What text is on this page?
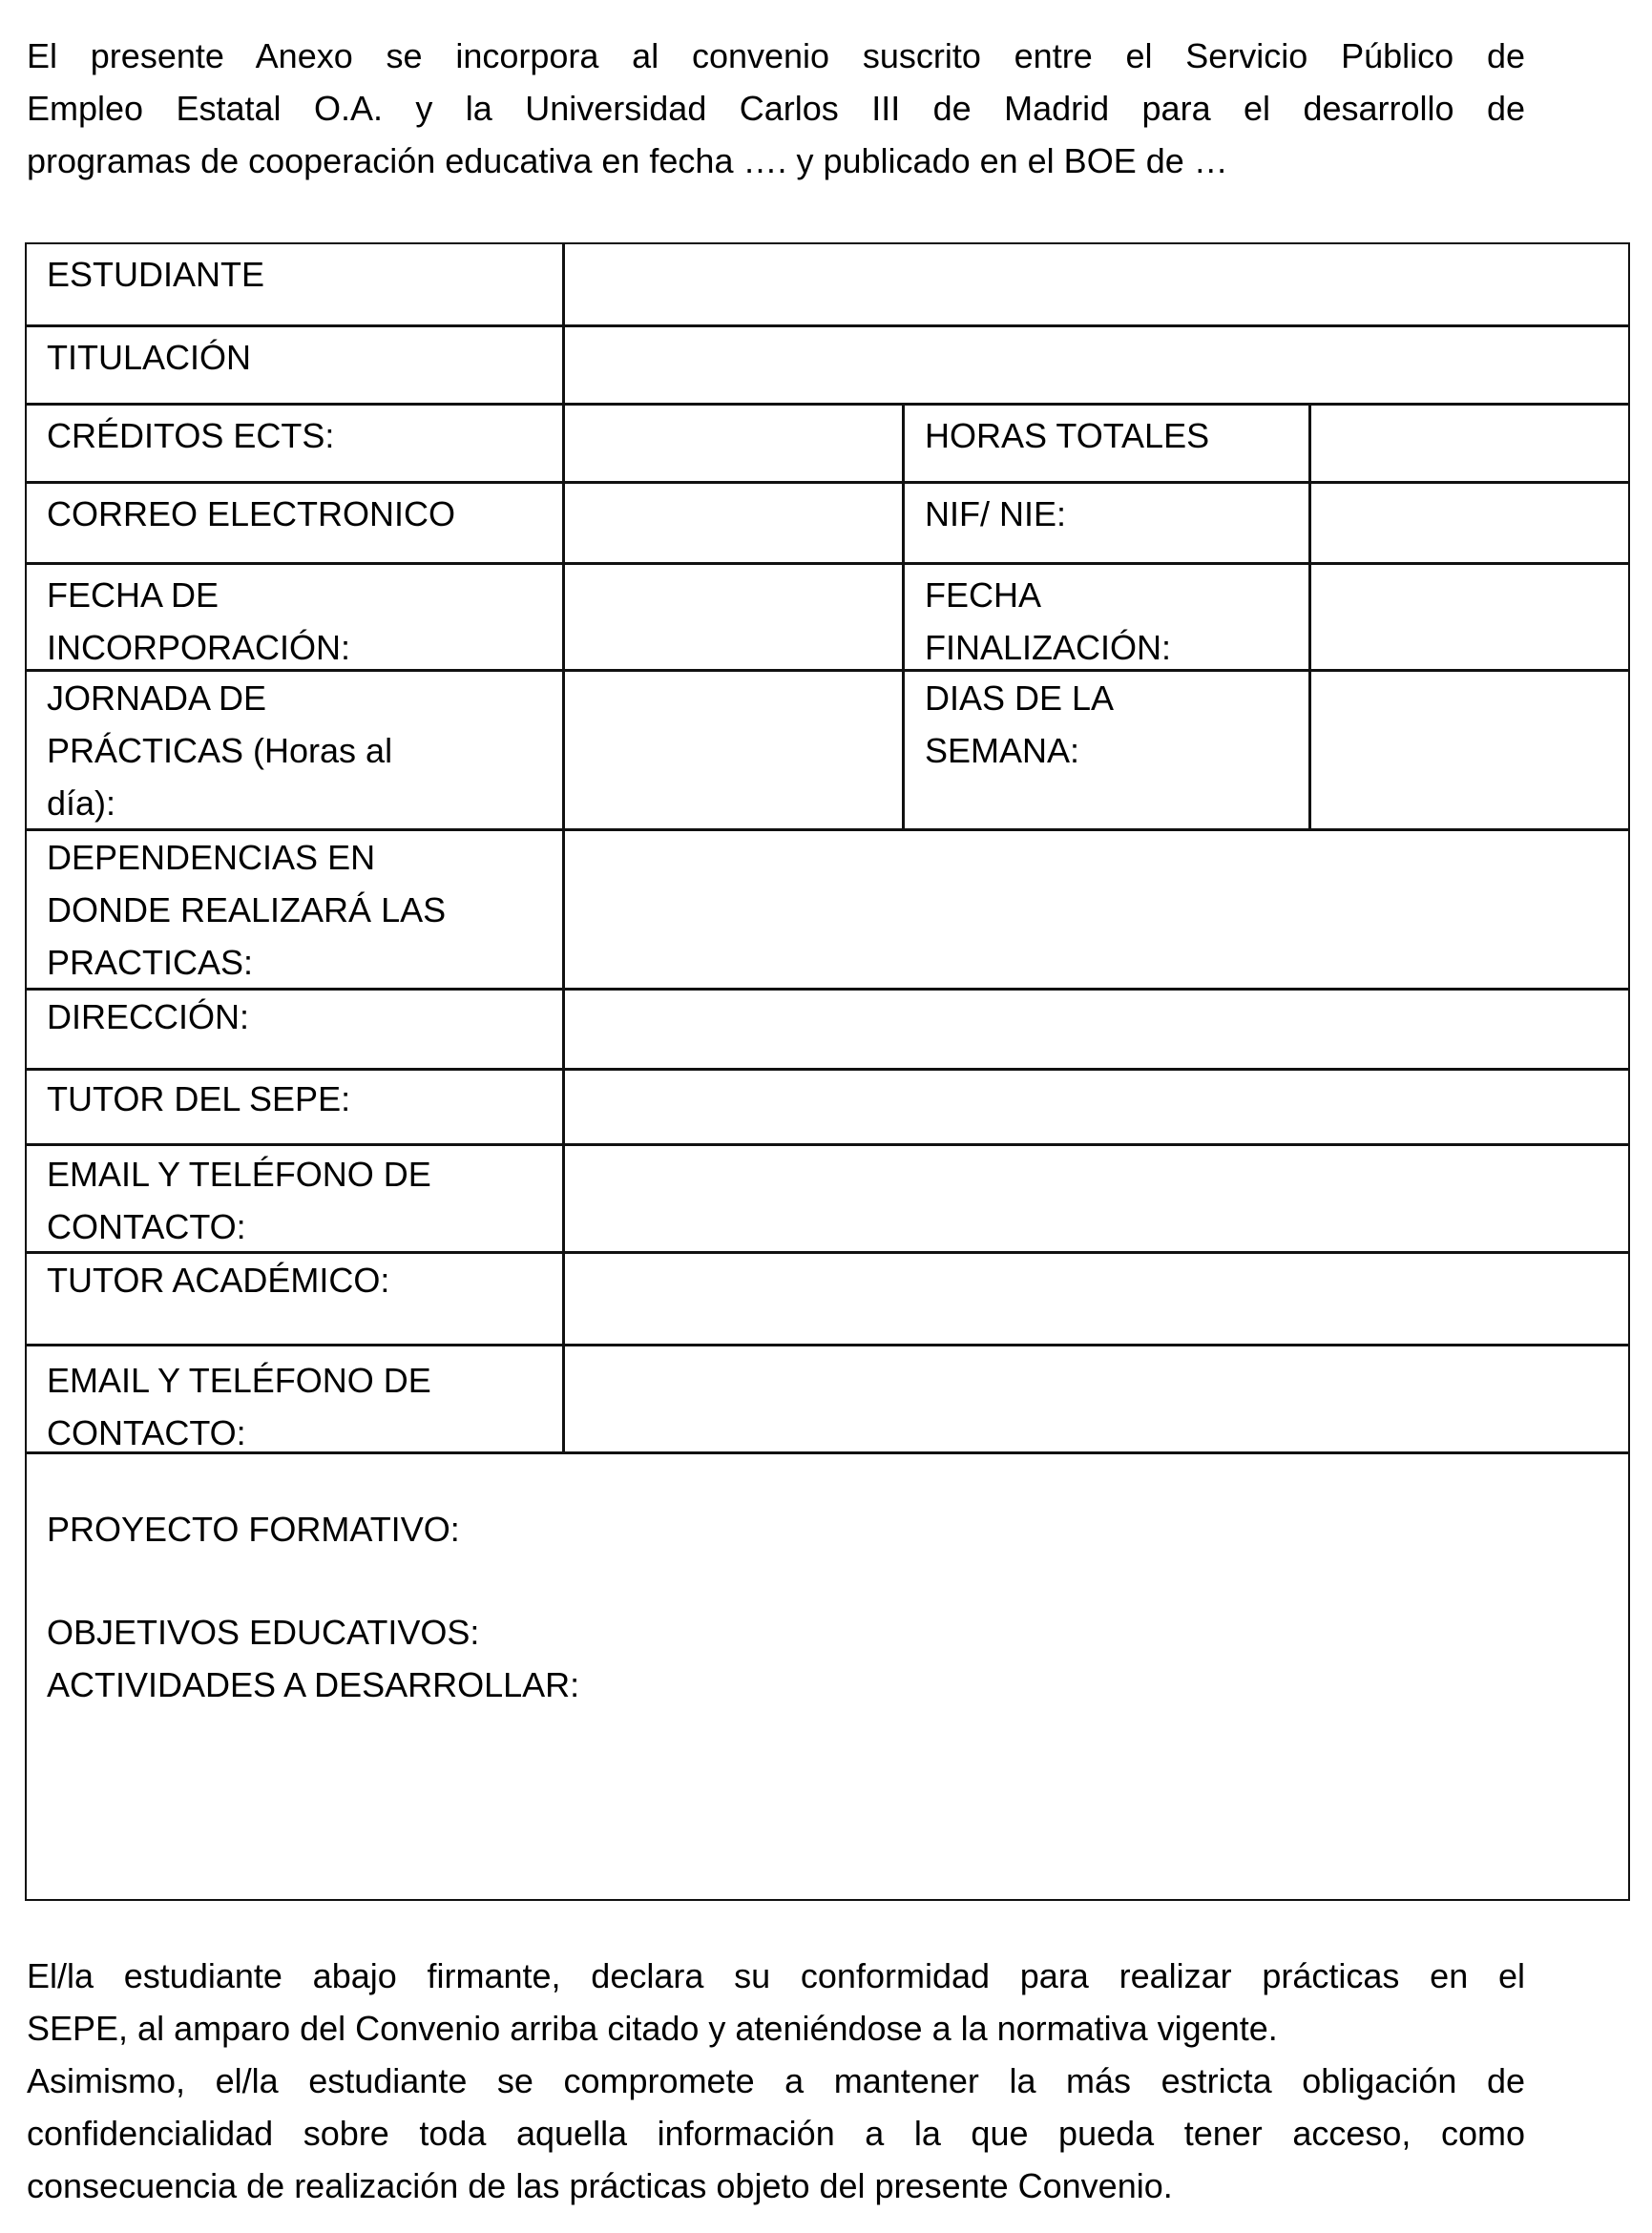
El presente Anexo se incorpora al convenio suscrito entre el Servicio Público de
Empleo Estatal O.A. y la Universidad Carlos III de Madrid para el desarrollo de
programas de cooperación educativa en fecha …. y publicado en el BOE de …
ESTUDIANTE
TITULACIÓN
CRÉDITOS ECTS:	HORAS TOTALES
CORREO ELECTRONICO	NIF/ NIE:
FECHA DE
INCORPORACIÓN:
FECHA
FINALIZACIÓN:
JORNADA DE
PRÁCTICAS (Horas al
día):
DIAS DE LA
SEMANA:
DEPENDENCIAS EN
DONDE REALIZARÁ LAS
PRACTICAS:
DIRECCIÓN:
TUTOR DEL SEPE:
EMAIL Y TELÉFONO DE
CONTACTO:
TUTOR ACADÉMICO:
EMAIL Y TELÉFONO DE
CONTACTO:
PROYECTO FORMATIVO:
OBJETIVOS EDUCATIVOS:
ACTIVIDADES A DESARROLLAR:
El/la estudiante abajo firmante, declara su conformidad para realizar prácticas en el
SEPE, al amparo del Convenio arriba citado y ateniéndose a la normativa vigente.
Asimismo, el/la estudiante se compromete a mantener la más estricta obligación de
confidencialidad sobre toda aquella información a la que pueda tener acceso, como
consecuencia de realización de las prácticas objeto del presente Convenio.
